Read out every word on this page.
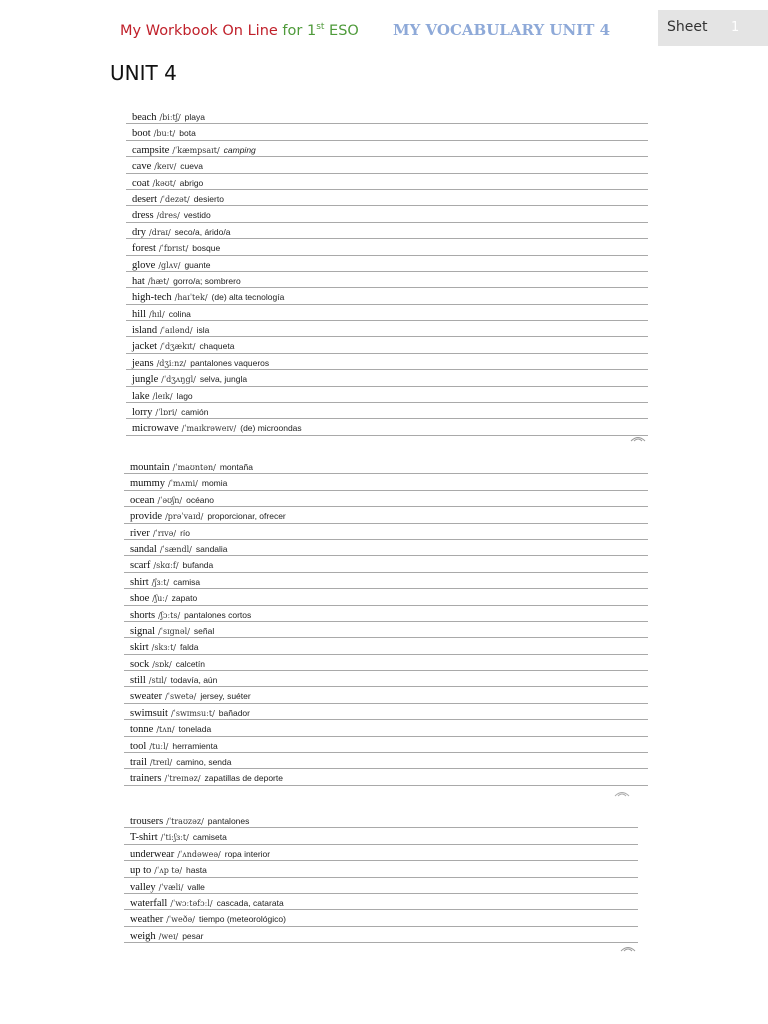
My Workbook On Line for 1st ESO MY VOCABULARY UNIT 4	Sheet 1
UNIT 4
beach /biːtʃ/ playa
boot /buːt/ bota
campsite /ˈkæmpsaɪt/ camping
cave /keɪv/ cueva
coat /kəʊt/ abrigo
desert /ˈdezət/ desierto
dress /dres/ vestido
dry /draɪ/ seco/a, árido/a
forest /ˈfɒrɪst/ bosque
glove /glʌv/ guante
hat /hæt/ gorro/a; sombrero
high-tech /haɪˈtek/ (de) alta tecnología
hill /hɪl/ colina
island /ˈaɪlənd/ isla
jacket /ˈdʒækɪt/ chaqueta
jeans /dʒiːnz/ pantalones vaqueros
jungle /ˈdʒʌŋgl/ selva, jungla
lake /leɪk/ lago
lorry /ˈlɒri/ camión
microwave /ˈmaɪkrəweɪv/ (de) microondas
mountain /ˈmaʊntən/ montaña
mummy /ˈmʌmi/ momia
ocean /ˈəʊʃn/ océano
provide /prəˈvaɪd/ proporcionar, ofrecer
river /ˈrɪvə/ río
sandal /ˈsændl/ sandalia
scarf /skɑːf/ bufanda
shirt /ʃɜːt/ camisa
shoe /ʃuː/ zapato
shorts /ʃɔːts/ pantalones cortos
signal /ˈsɪgnəl/ señal
skirt /skɜːt/ falda
sock /sɒk/ calcetín
still /stɪl/ todavía, aún
sweater /ˈswetə/ jersey, suéter
swimsuit /ˈswɪmsuːt/ bañador
tonne /tʌn/ tonelada
tool /tuːl/ herramienta
trail /treɪl/ camino, senda
trainers /ˈtreɪnəz/ zapatillas de deporte
trousers /ˈtraʊzəz/ pantalones
T-shirt /ˈtiːʃɜːt/ camiseta
underwear /ˈʌndəweə/ ropa interior
up to /ˈʌp tə/ hasta
valley /ˈvæli/ valle
waterfall /ˈwɔːtəfɔːl/ cascada, catarata
weather /ˈweðə/ tiempo (meteorológico)
weigh /weɪ/ pesar
